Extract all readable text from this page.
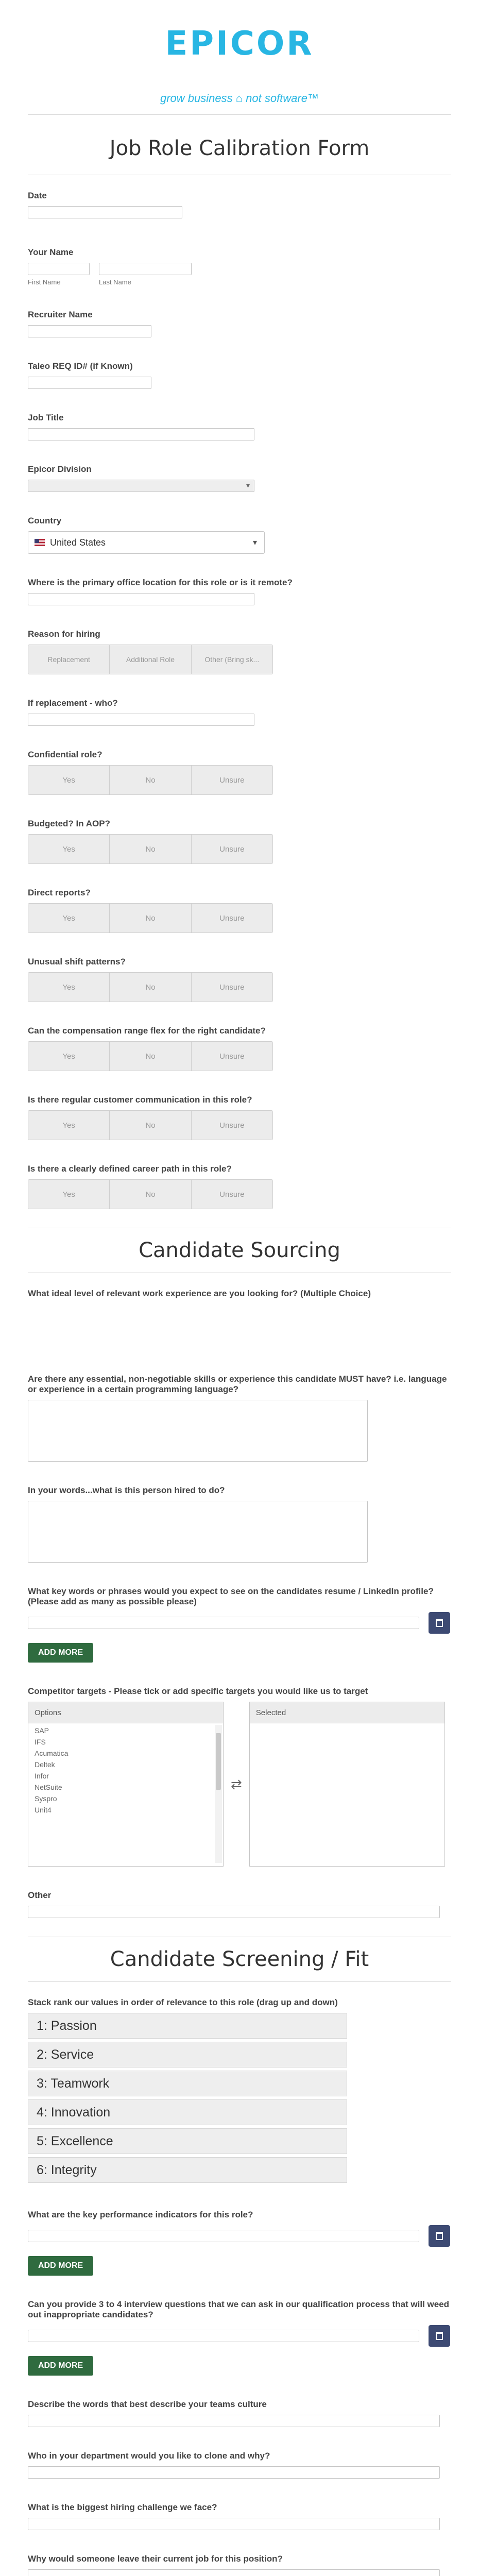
EPICOR
grow business ⌂ not software™
Job Role Calibration Form
Date
Your Name
First Name	Last Name
Recruiter Name
Taleo REQ ID# (if Known)
Job Title
Epicor Division
▾
Country
United States	▾
Where is the primary office location for this role or is it remote?
Reason for hiring
Replacement	Additional Role	Other (Bring sk...
If replacement - who?
Confidential role?
Yes	No	Unsure
Budgeted? In AOP?
Yes	No	Unsure
Direct reports?
Yes	No	Unsure
Unusual shift patterns?
Yes	No	Unsure
Can the compensation range flex for the right candidate?
Yes	No	Unsure
Is there regular customer communication in this role?
Yes	No	Unsure
Is there a clearly defined career path in this role?
Yes	No	Unsure
Candidate Sourcing
What ideal level of relevant work experience are you looking for? (Multiple Choice)
Are there any essential, non-negotiable skills or experience this candidate MUST have? i.e. language or experience in a certain programming language?
In your words...what is this person hired to do?
What key words or phrases would you expect to see on the candidates resume / LinkedIn profile? (Please add as many as possible please)
ADD MORE
Competitor targets - Please tick or add specific targets you would like us to target
Options
SAP
IFS
Acumatica
Deltek
Infor
NetSuite
Syspro
Unit4
⇄
Selected
Other
Candidate Screening / Fit
Stack rank our values in order of relevance to this role (drag up and down)
1: Passion
2: Service
3: Teamwork
4: Innovation
5: Excellence
6: Integrity
What are the key performance indicators for this role?
ADD MORE
Can you provide 3 to 4 interview questions that we can ask in our qualification process that will weed out inappropriate candidates?
ADD MORE
Describe the words that best describe your teams culture
Who in your department would you like to clone and why?
What is the biggest hiring challenge we face?
Why would someone leave their current job for this position?
